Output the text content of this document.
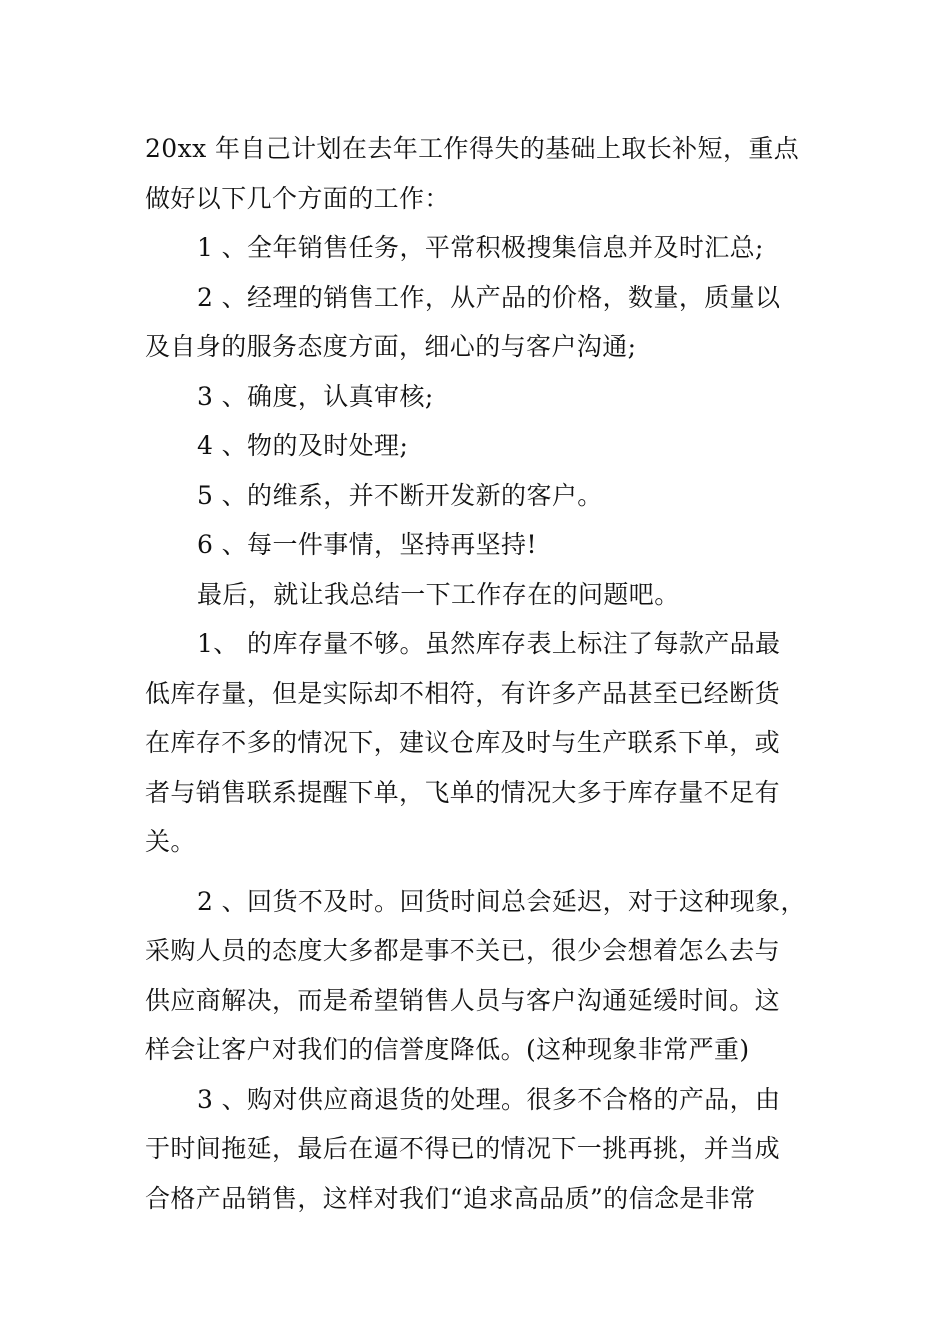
20xx 年自己计划在去年工作得失的基础上取长补短，重点
做好以下几个方面的工作：
1 、全年销售任务，平常积极搜集信息并及时汇总;
2 、经理的销售工作，从产品的价格，数量，质量以
及自身的服务态度方面，细心的与客户沟通;
3 、确度，认真审核;
4 、物的及时处理;
5 、的维系，并不断开发新的客户。
6 、每一件事情，坚持再坚持!
最后，就让我总结一下工作存在的问题吧。
1、 的库存量不够。虽然库存表上标注了每款产品最
低库存量，但是实际却不相符，有许多产品甚至已经断货
在库存不多的情况下，建议仓库及时与生产联系下单，或
者与销售联系提醒下单，飞单的情况大多于库存量不足有
关。
2 、回货不及时。回货时间总会延迟，对于这种现象，
采购人员的态度大多都是事不关已，很少会想着怎么去与
供应商解决，而是希望销售人员与客户沟通延缓时间。这
样会让客户对我们的信誉度降低。(这种现象非常严重)
3 、购对供应商退货的处理。很多不合格的产品，由
于时间拖延，最后在逼不得已的情况下一挑再挑，并当成
合格产品销售，这样对我们“追求高品质”的信念是非常
